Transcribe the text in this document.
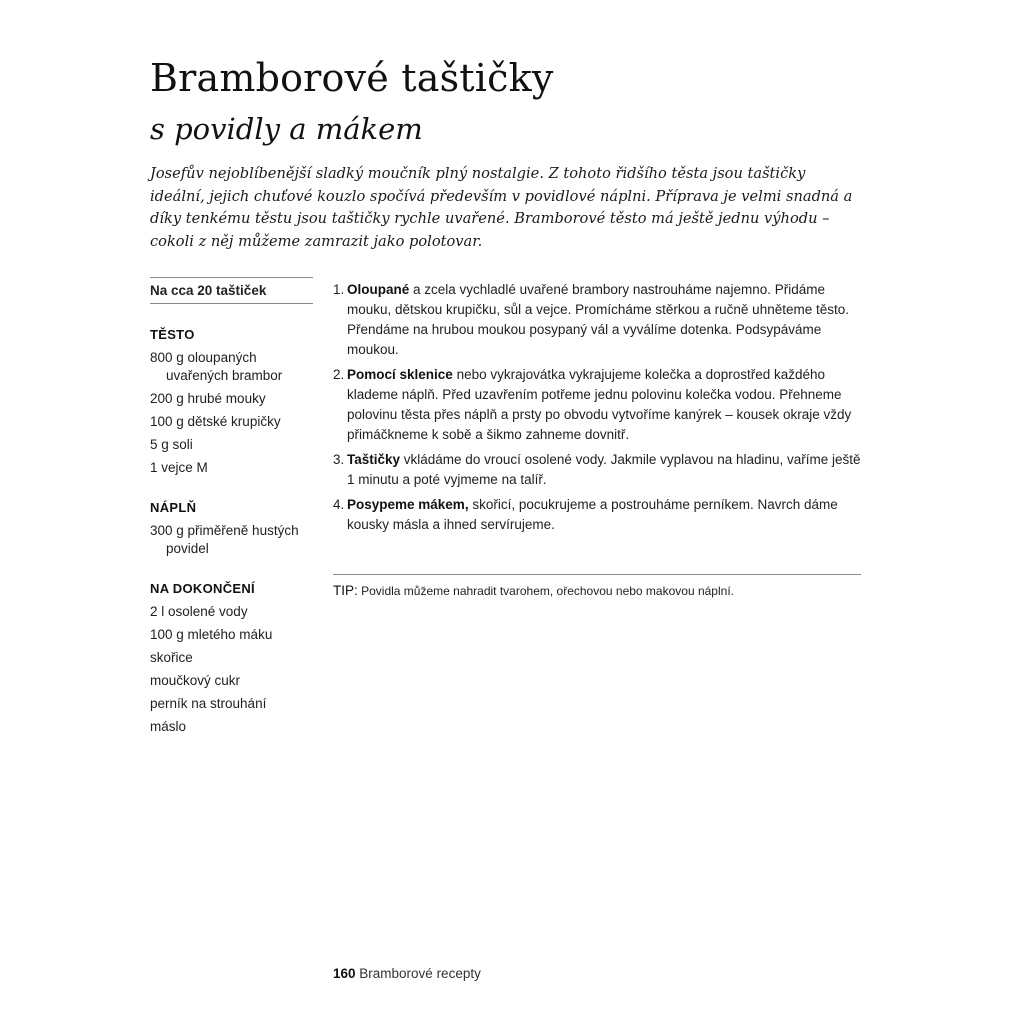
Bramborové taštičky
s povidly a mákem

Josefův nejoblíbenější sladký moučník plný nostalgie. Z tohoto řidšího těsta jsou taštičky ideální, jejich chuťové kouzlo spočívá především v povidlové náplni. Příprava je velmi snadná a díky tenkému těstu jsou taštičky rychle uvařené. Bramborové těsto má ještě jednu výhodu – cokoli z něj můžeme zamrazit jako polotovar.

Na cca 20 taštiček
TĚSTO
800 g oloupaných uvařených brambor
200 g hrubé mouky
100 g dětské krupičky
5 g soli
1 vejce M
NÁPLŇ
300 g přiměřeně hustých povidel
NA DOKONČENÍ
2 l osolené vody
100 g mletého máku
skořice
moučkový cukr
perník na strouhání
máslo
1. Oloupané a zcela vychladlé uvařené brambory nastrouháme najemno. Přidáme mouku, dětskou krupičku, sůl a vejce. Promícháme stěrkou a ručně uhněteme těsto. Přendáme na hrubou moukou posypaný vál a vyválíme dotenka. Podsypáváme moukou.
2. Pomocí sklenice nebo vykrajovátka vykrajujeme kolečka a doprostřed každého klademe náplň. Před uzavřením potřeme jednu polovinu kolečka vodou. Přehneme polovinu těsta přes náplň a prsty po obvodu vytvoříme kanýrek – kousek okraje vždy přimáčkneme k sobě a šikmo zahneme dovnitř.
3. Taštičky vkládáme do vroucí osolené vody. Jakmile vyplavou na hladinu, vaříme ještě 1 minutu a poté vyjmeme na talíř.
4. Posypeme mákem, skořicí, pocukrujeme a postrouháme perníkem. Navrch dáme kousky másla a ihned servírujeme.
TIP: Povidla můžeme nahradit tvarohem, ořechovou nebo makovou náplní.
160 Bramborové recepty
